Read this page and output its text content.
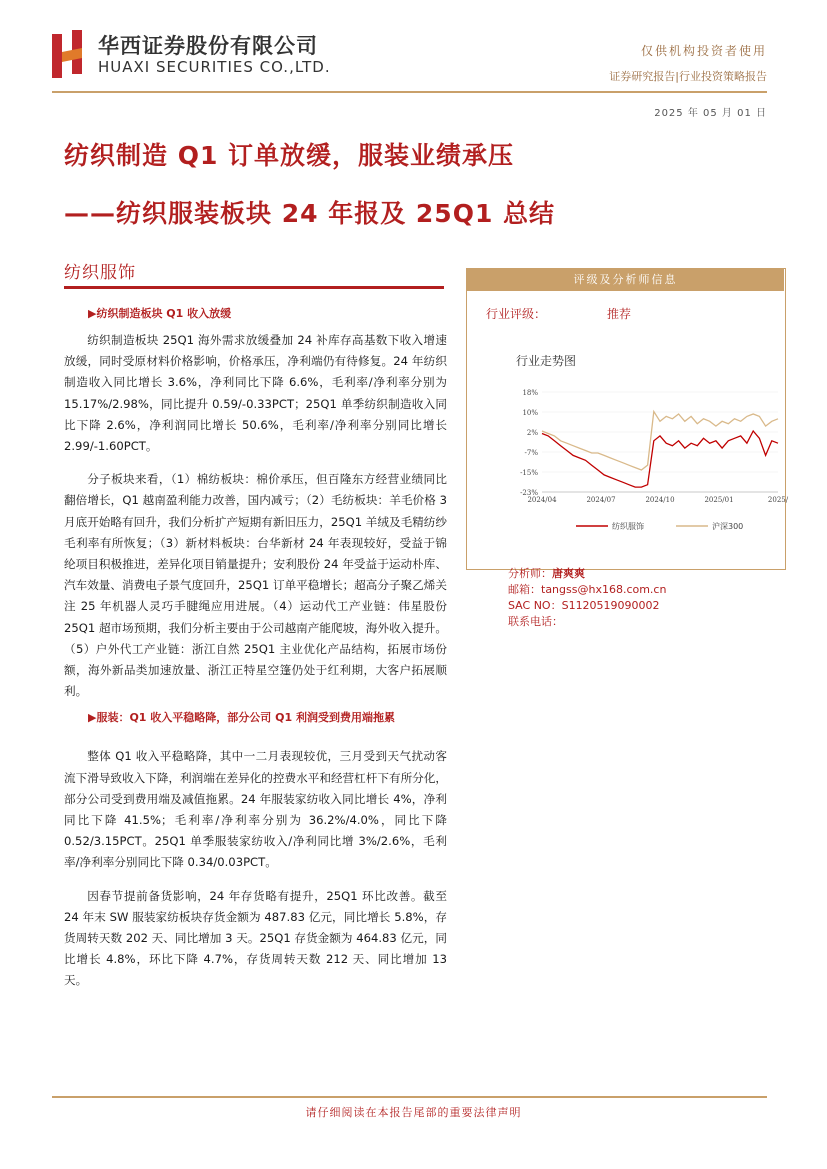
华西证券股份有限公司
HUAXI SECURITIES CO.,LTD.
仅供机构投资者使用
证券研究报告|行业投资策略报告
2025 年 05 月 01 日
纺织制造 Q1 订单放缓，服装业绩承压
——纺织服装板块 24 年报及 25Q1 总结
纺织服饰

▶纺织制造板块 Q1 收入放缓

纺织制造板块 25Q1 海外需求放缓叠加 24 补库存高基数下收入增速放缓，同时受原材料价格影响，价格承压，净利端仍有待修复。24 年纺织制造收入同比增长 3.6%，净利同比下降 6.6%，毛利率/净利率分别为 15.17%/2.98%，同比提升 0.59/-0.33PCT；25Q1 单季纺织制造收入同比下降 2.6%，净利润同比增长 50.6%，毛利率/净利率分别同比增长 2.99/-1.60PCT。

分子板块来看，（1）棉纺板块：棉价承压，但百隆东方经营业绩同比翻倍增长，Q1 越南盈利能力改善，国内减亏；（2）毛纺板块：羊毛价格 3 月底开始略有回升，我们分析扩产短期有新旧压力，25Q1 羊绒及毛精纺纱毛利率有所恢复；（3）新材料板块：台华新材 24 年表现较好，受益于锦纶项目积极推进，差异化项目销量提升；安利股份 24 年受益于运动朴库、汽车效量、消费电子景气度回升，25Q1 订单平稳增长；超高分子聚乙烯关注 25 年机器人灵巧手腱绳应用进展。（4）运动代工产业链：伟星股份 25Q1 超市场预期，我们分析主要由于公司越南产能爬坡，海外收入提升。（5）户外代工产业链：浙江自然 25Q1 主业优化产品结构，拓展市场份额，海外新品类加速放量、浙江正特星空篷仍处于红利期，大客户拓展顺利。

▶服装：Q1 收入平稳略降，部分公司 Q1 利润受到费用端拖累

整体 Q1 收入平稳略降，其中一二月表现较优，三月受到天气扰动客流下滑导致收入下降，利润端在差异化的控费水平和经营杠杆下有所分化，部分公司受到费用端及减值拖累。24 年服装家纺收入同比增长 4%，净利同比下降 41.5%；毛利率/净利率分别为 36.2%/4.0%，同比下降 0.52/3.15PCT。25Q1 单季服装家纺收入/净利同比增 3%/2.6%，毛利率/净利率分别同比下降 0.34/0.03PCT。

因春节提前备货影响，24 年存货略有提升，25Q1 环比改善。截至 24 年末 SW 服装家纺板块存货金额为 487.83 亿元，同比增长 5.8%，存货周转天数 202 天、同比增加 3 天。25Q1 存货金额为 464.83 亿元，同比增长 4.8%，环比下降 4.7%，存货周转天数 212 天、同比增加 13 天。

评级及分析师信息
行业评级：	推荐
行业走势图
18%
10%
2%
-7%
-15%
-23%
2024/04	2024/07	2024/10	2025/01	2025/
纺织服饰	沪深300
分析师：唐爽爽
邮箱：tangss@hx168.com.cn
SAC NO：S1120519090002
联系电话：
请仔细阅读在本报告尾部的重要法律声明
